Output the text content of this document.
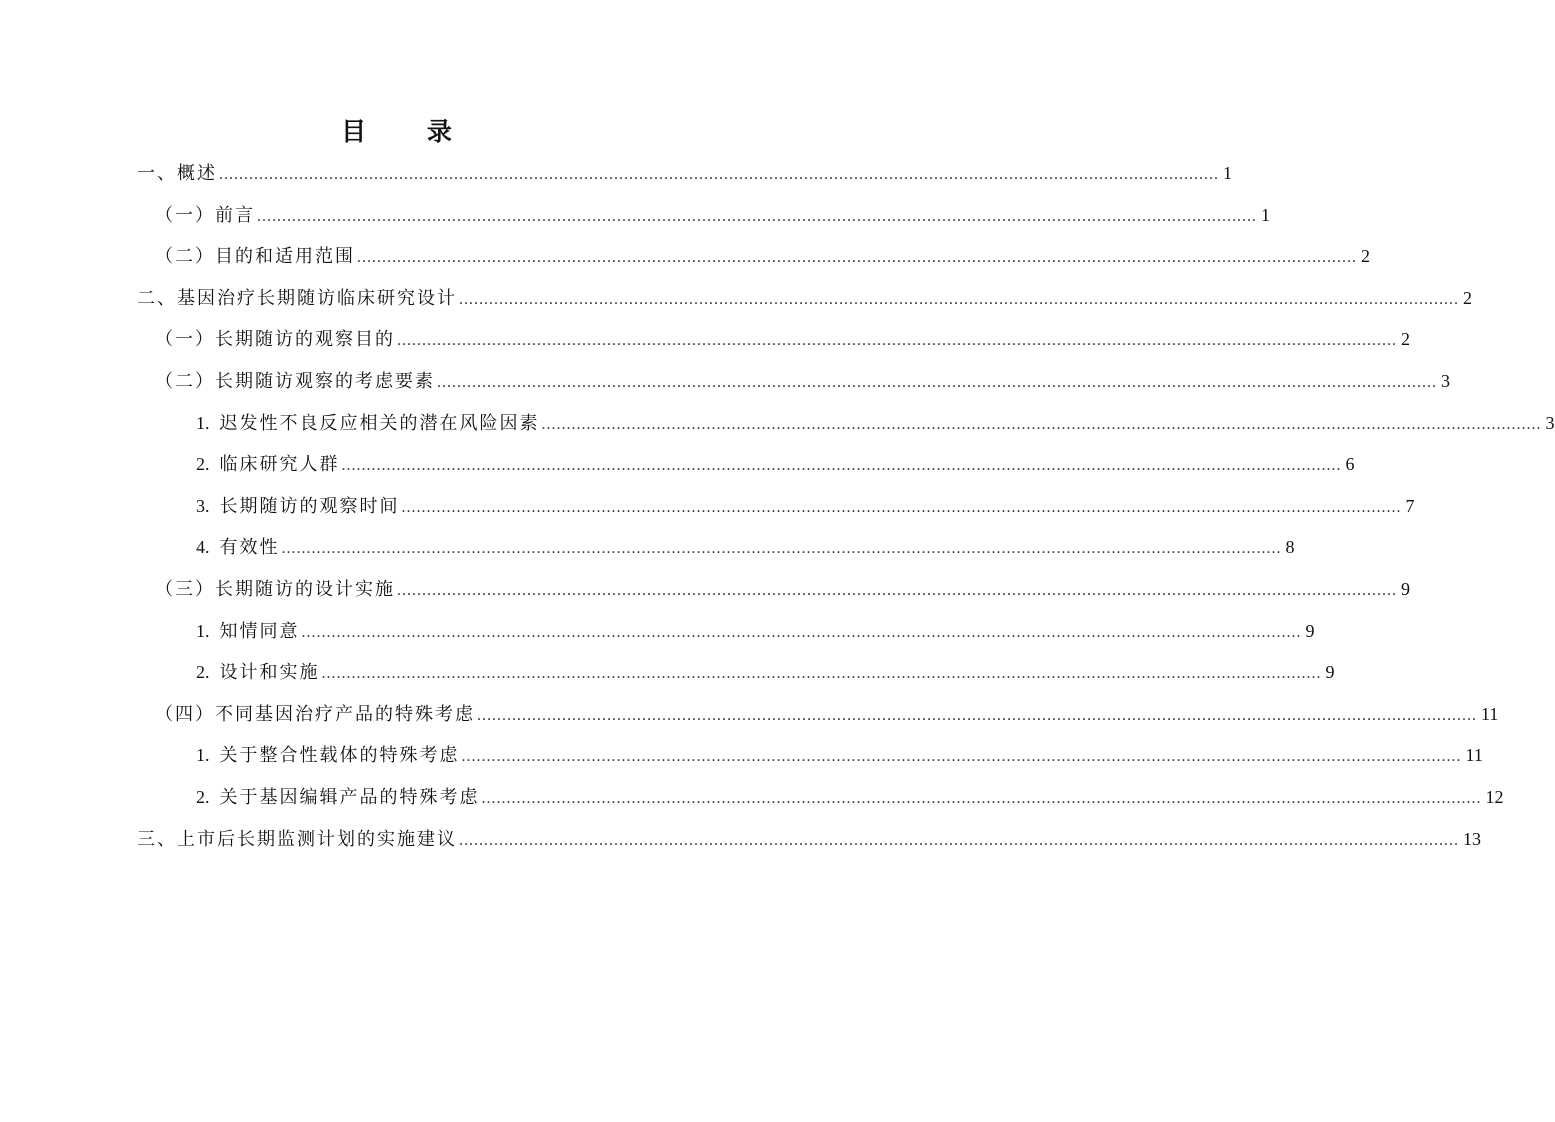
目 录
一、概述 ........................................................................................................................................................................................................ 1
（一）前言 ........................................................................................................................................................................................................ 1
（二）目的和适用范围 ........................................................................................................................................................................................................ 2
二、基因治疗长期随访临床研究设计 ........................................................................................................................................................................................................ 2
（一）长期随访的观察目的 ........................................................................................................................................................................................................ 2
（二）长期随访观察的考虑要素 ........................................................................................................................................................................................................ 3
1. 迟发性不良反应相关的潜在风险因素 ........................................................................................................................................................................................................ 3
2. 临床研究人群 ........................................................................................................................................................................................................ 6
3. 长期随访的观察时间 ........................................................................................................................................................................................................ 7
4. 有效性 ........................................................................................................................................................................................................ 8
（三）长期随访的设计实施 ........................................................................................................................................................................................................ 9
1. 知情同意 ........................................................................................................................................................................................................ 9
2. 设计和实施 ........................................................................................................................................................................................................ 9
（四）不同基因治疗产品的特殊考虑 ........................................................................................................................................................................................................ 11
1. 关于整合性载体的特殊考虑 ........................................................................................................................................................................................................ 11
2. 关于基因编辑产品的特殊考虑 ........................................................................................................................................................................................................ 12
三、上市后长期监测计划的实施建议 ........................................................................................................................................................................................................ 13
